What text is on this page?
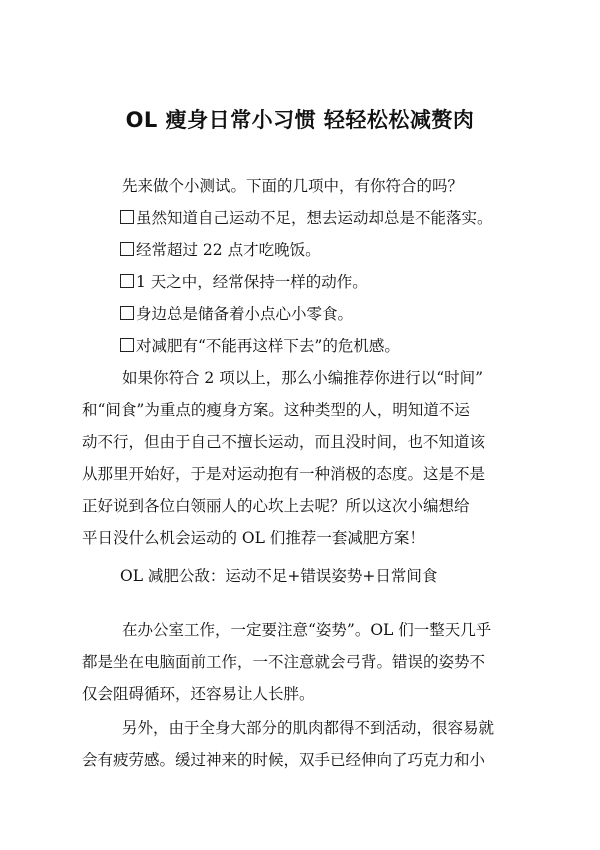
OL 瘦身日常小习惯 轻轻松松减赘肉

先来做个小测试。下面的几项中，有你符合的吗？

虽然知道自己运动不足，想去运动却总是不能落实。

经常超过 22 点才吃晚饭。

1 天之中，经常保持一样的动作。

身边总是储备着小点心小零食。

对减肥有“不能再这样下去”的危机感。

如果你符合 2 项以上，那么小编推荐你进行以“时间”
和“间食”为重点的瘦身方案。这种类型的人，明知道不运
动不行，但由于自己不擅长运动，而且没时间，也不知道该
从那里开始好，于是对运动抱有一种消极的态度。这是不是
正好说到各位白领丽人的心坎上去呢？所以这次小编想给
平日没什么机会运动的 OL 们推荐一套减肥方案！

OL 减肥公敌：运动不足+错误姿势+日常间食

在办公室工作，一定要注意“姿势”。OL 们一整天几乎
都是坐在电脑面前工作，一不注意就会弓背。错误的姿势不
仅会阻碍循环，还容易让人长胖。
另外，由于全身大部分的肌肉都得不到活动，很容易就
会有疲劳感。缓过神来的时候，双手已经伸向了巧克力和小
